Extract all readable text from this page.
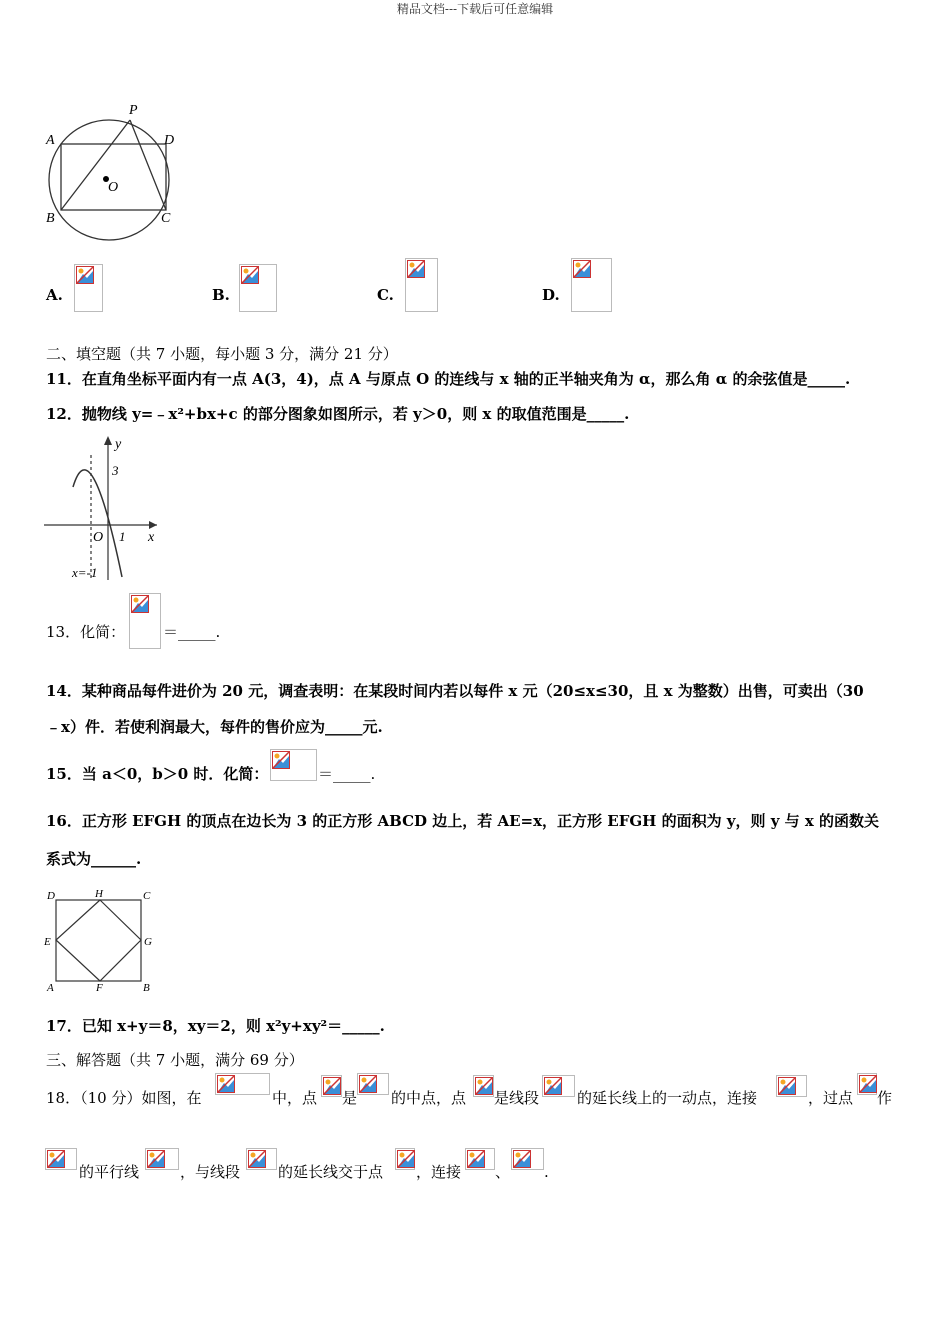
精品文档---下载后可任意编辑
P
A	D
O
B	C
A.	B.	C.	D.
二、填空题（共 7 小题，每小题 3 分，满分 21 分）
11．在直角坐标平面内有一点 A(3，4)，点 A 与原点 O 的连线与 x 轴的正半轴夹角为 α，那么角 α 的余弦值是_____.
12．抛物线 y=﹣x²+bx+c 的部分图象如图所示，若 y＞0，则 x 的取值范围是_____.
y
3
O 1 x
x=-1
13．化简：	＝_____.
14．某种商品每件进价为 20 元，调查表明：在某段时间内若以每件 x 元（20≤x≤30，且 x 为整数）出售，可卖出（30
﹣x）件．若使利润最大，每件的售价应为_____元.
15．当 a＜0，b＞0 时．化简：	＝_____.
16．正方形 EFGH 的顶点在边长为 3 的正方形 ABCD 边上，若 AE=x，正方形 EFGH 的面积为 y，则 y 与 x 的函数关
系式为______.
D	H	C
E	G
A	F	B
17．已知 x+y＝8，xy＝2，则 x²y+xy²＝_____.
三、解答题（共 7 小题，满分 69 分）
18．（10 分）如图，在	中，点 是 的中点，点 是线段	的延长线上的一动点，连接	，过点 作
的平行线	，与线段	的延长线交于点 ，连接 、 .
